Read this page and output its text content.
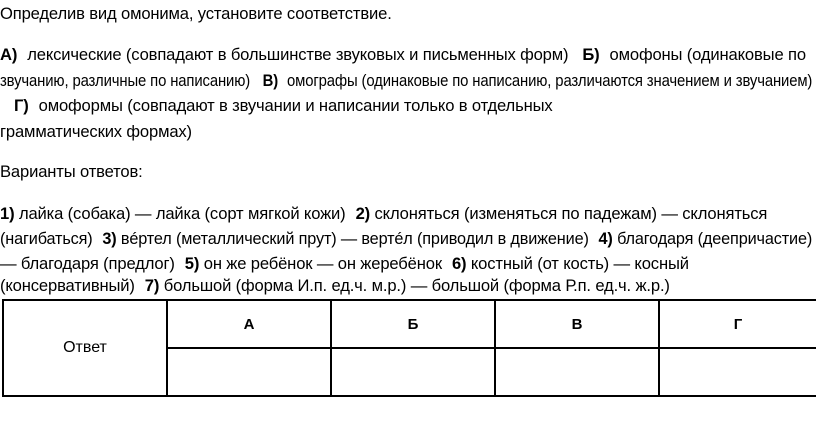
Определив вид омонима, установите соответствие.
А) лексические (совпадают в большинстве звуковых и письменных форм) Б) омофоны (одинаковые по
звучанию, различные по написанию) В) омографы (одинаковые по написанию, различаются значением и звучанием)
Г) омоформы (совпадают в звучании и написании только в отдельных
грамматических формах)
Варианты ответов:
1) лайка (собака) — лайка (сорт мягкой кожи) 2) склоняться (изменяться по падежам) — склоняться
(нагибаться) 3) вéртел (металлический прут) — вертéл (приводил в движение) 4) благодаря (деепричастие)
— благодаря (предлог) 5) он же ребёнок — он жеребёнок 6) костный (от кость) — косный
(консервативный) 7) большой (форма И.п. ед.ч. м.р.) — большой (форма Р.п. ед.ч. ж.р.)
Ответ	А	Б	В	Г
